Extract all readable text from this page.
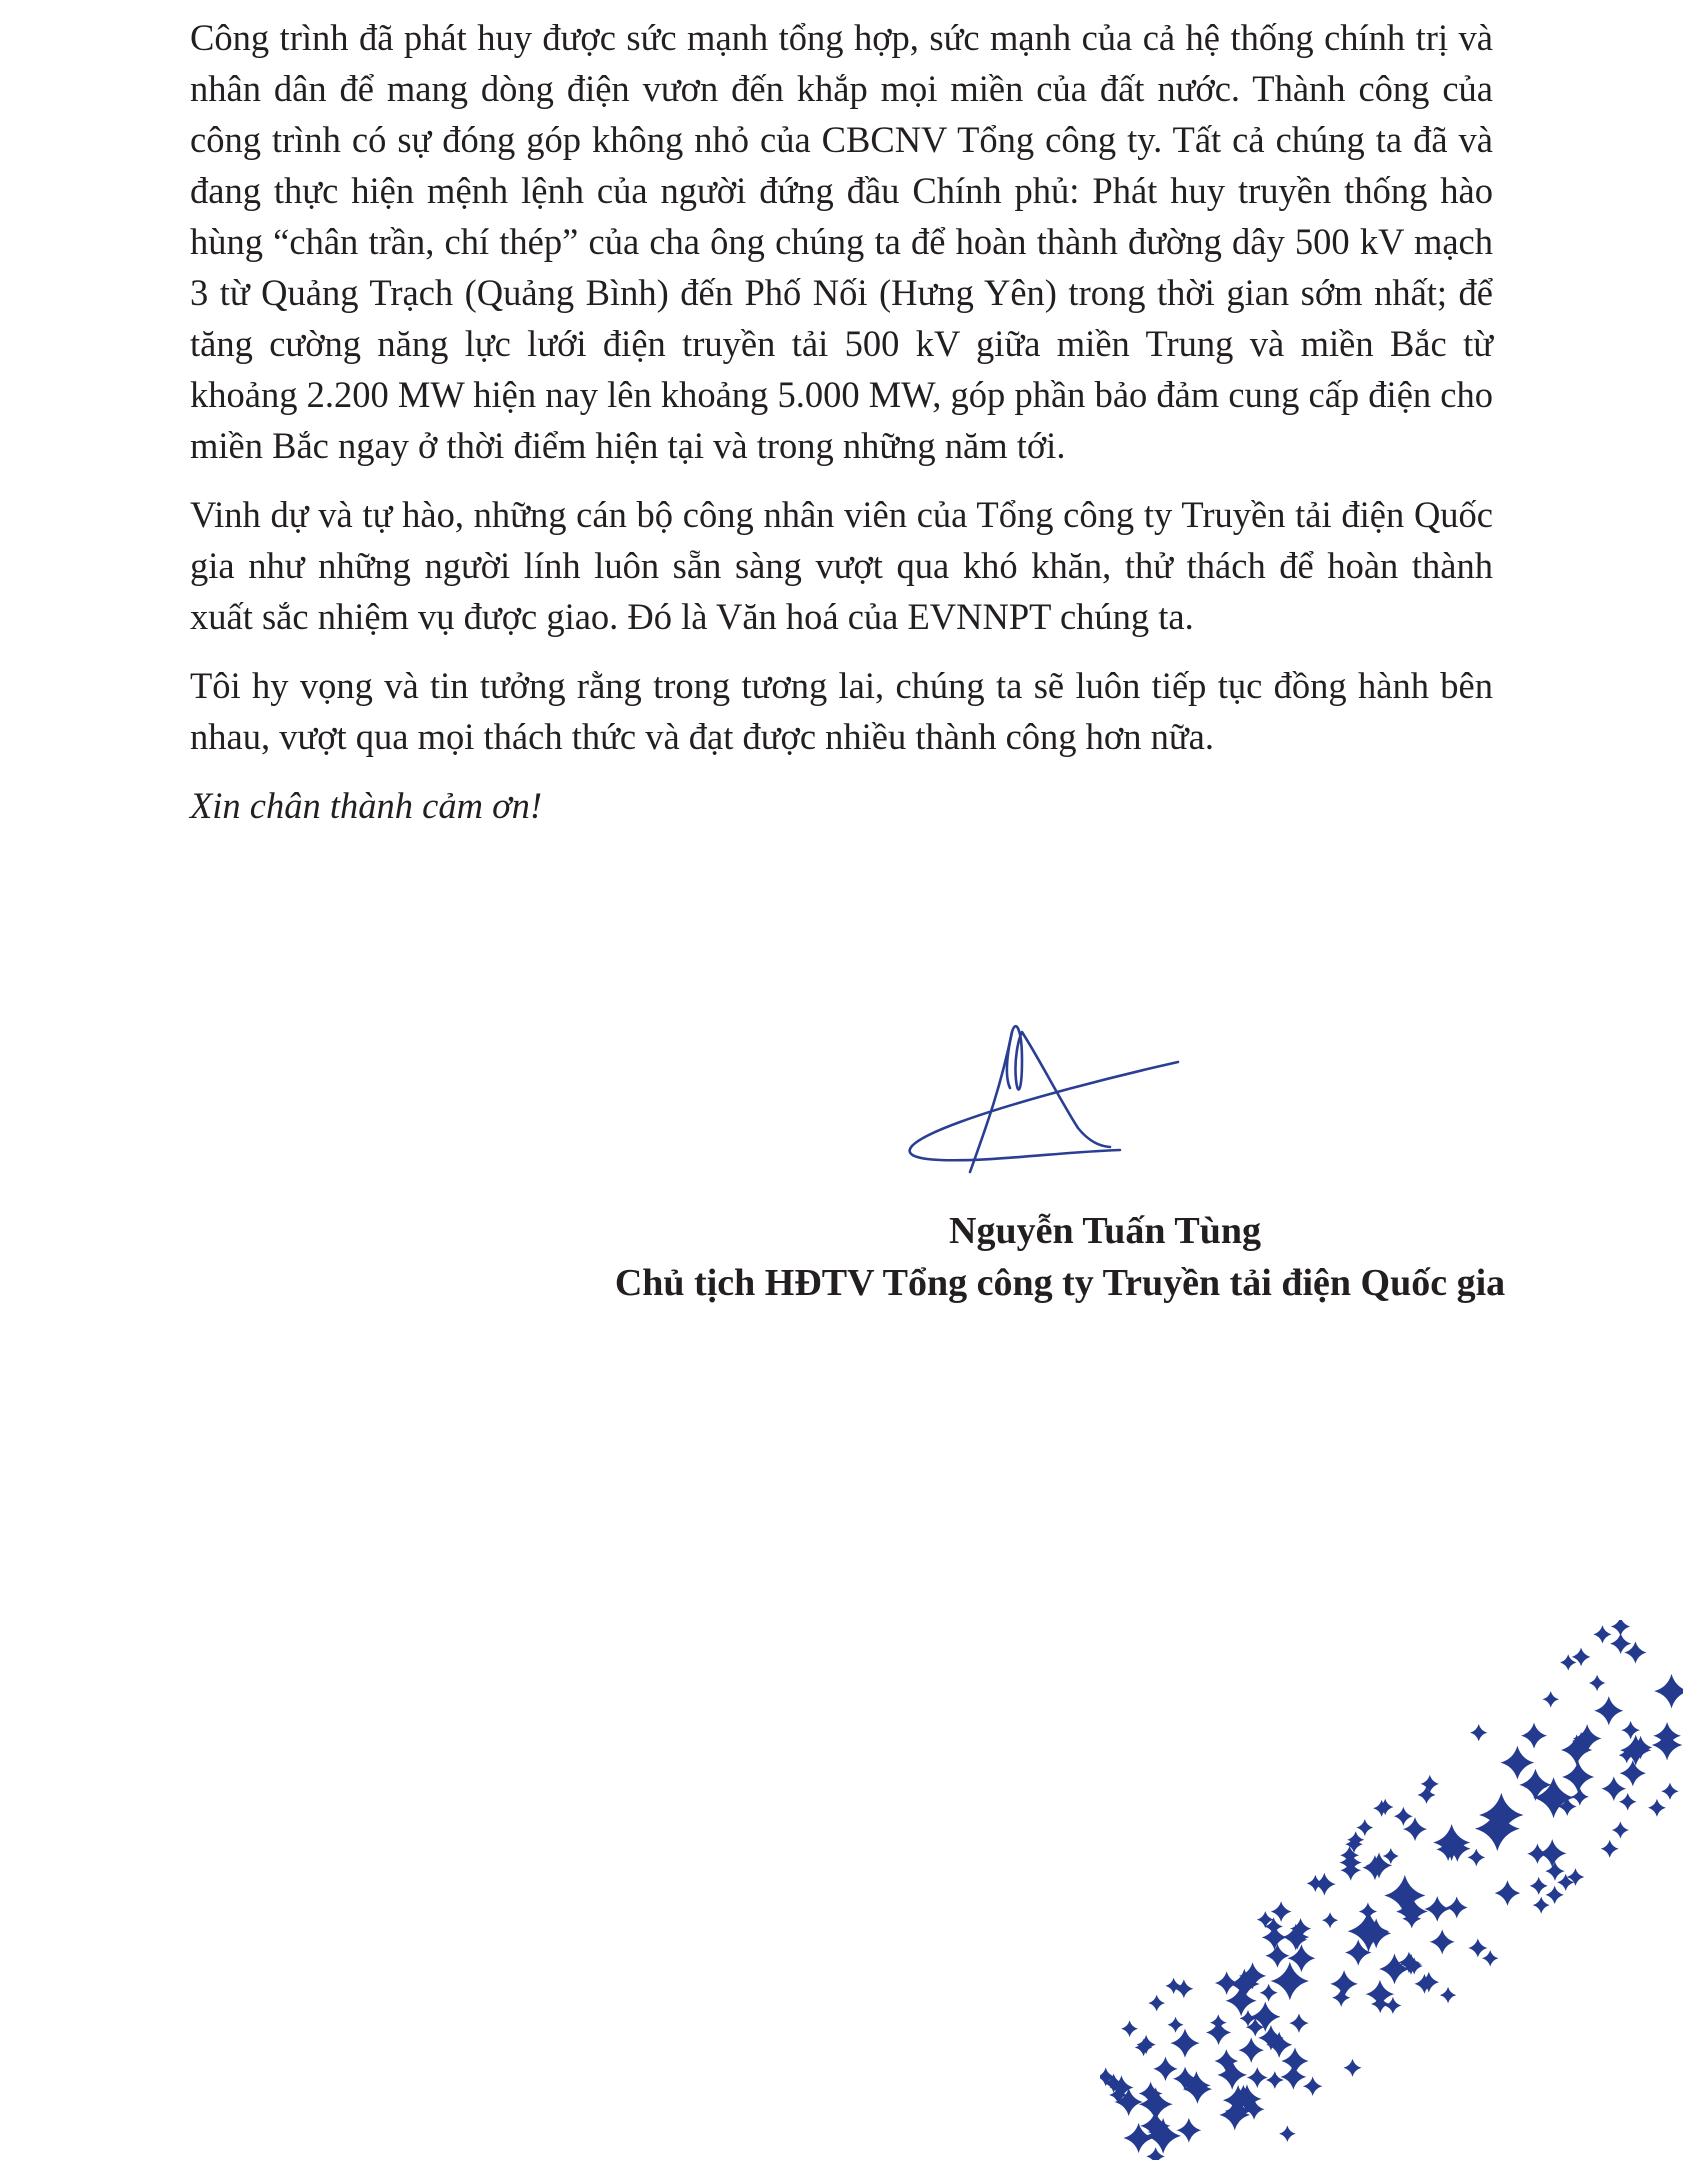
Công trình đã phát huy được sức mạnh tổng hợp, sức mạnh của cả hệ thống chính trị và nhân dân để mang dòng điện vươn đến khắp mọi miền của đất nước. Thành công của công trình có sự đóng góp không nhỏ của CBCNV Tổng công ty. Tất cả chúng ta đã và đang thực hiện mệnh lệnh của người đứng đầu Chính phủ: Phát huy truyền thống hào hùng “chân trần, chí thép” của cha ông chúng ta để hoàn thành đường dây 500 kV mạch 3 từ Quảng Trạch (Quảng Bình) đến Phố Nối (Hưng Yên) trong thời gian sớm nhất; để tăng cường năng lực lưới điện truyền tải 500 kV giữa miền Trung và miền Bắc từ khoảng 2.200 MW hiện nay lên khoảng 5.000 MW, góp phần bảo đảm cung cấp điện cho miền Bắc ngay ở thời điểm hiện tại và trong những năm tới.

Vinh dự và tự hào, những cán bộ công nhân viên của Tổng công ty Truyền tải điện Quốc gia như những người lính luôn sẵn sàng vượt qua khó khăn, thử thách để hoàn thành xuất sắc nhiệm vụ được giao. Đó là Văn hoá của EVNNPT chúng ta.

Tôi hy vọng và tin tưởng rằng trong tương lai, chúng ta sẽ luôn tiếp tục đồng hành bên nhau, vượt qua mọi thách thức và đạt được nhiều thành công hơn nữa.

Xin chân thành cảm ơn!

Nguyễn Tuấn Tùng
Chủ tịch HĐTV Tổng công ty Truyền tải điện Quốc gia
